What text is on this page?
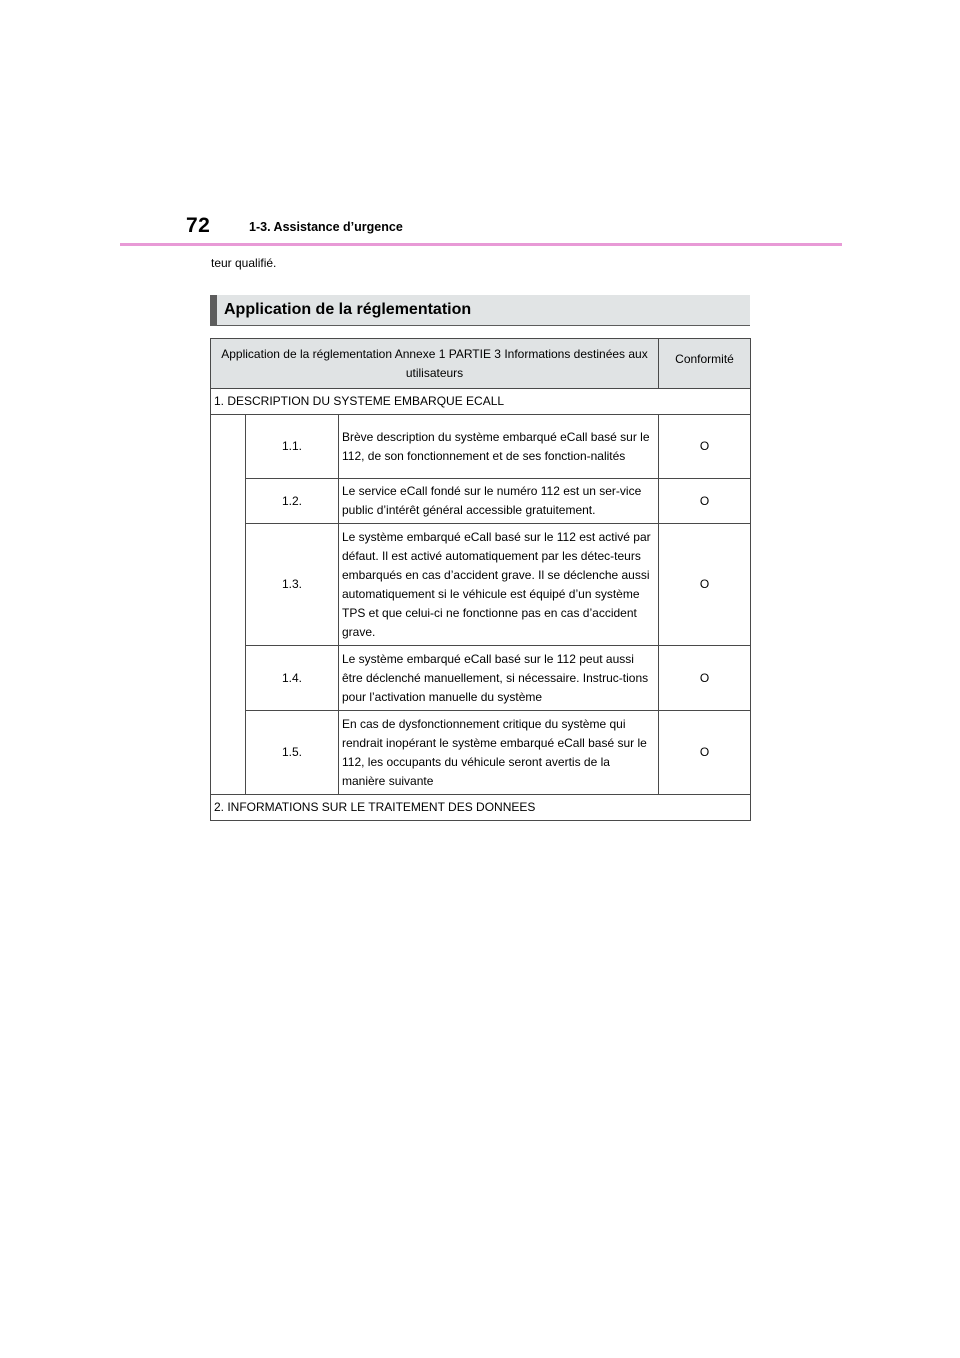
72	1-3. Assistance d’urgence
teur qualifié.
Application de la réglementation
Application de la réglementation Annexe 1 PARTIE 3 Informations destinées aux utilisateurs			Conformité
1. DESCRIPTION DU SYSTEME EMBARQUE ECALL			
	1.1.	Brève description du système embarqué eCall basé sur le 112, de son fonctionnement et de ses fonction-nalités	O
	1.2.	Le service eCall fondé sur le numéro 112 est un ser-vice public d’intérêt général accessible gratuitement.	O
	1.3.	Le système embarqué eCall basé sur le 112 est activé par défaut. Il est activé automatiquement par les détec-teurs embarqués en cas d’accident grave. Il se déclenche aussi automatiquement si le véhicule est équipé d’un système TPS et que celui-ci ne fonctionne pas en cas d’accident grave.	O
	1.4.	Le système embarqué eCall basé sur le 112 peut aussi être déclenché manuellement, si nécessaire. Instruc-tions pour l’activation manuelle du système	O
	1.5.	En cas de dysfonctionnement critique du système qui rendrait inopérant le système embarqué eCall basé sur le 112, les occupants du véhicule seront avertis de la manière suivante	O
2. INFORMATIONS SUR LE TRAITEMENT DES DONNEES			
